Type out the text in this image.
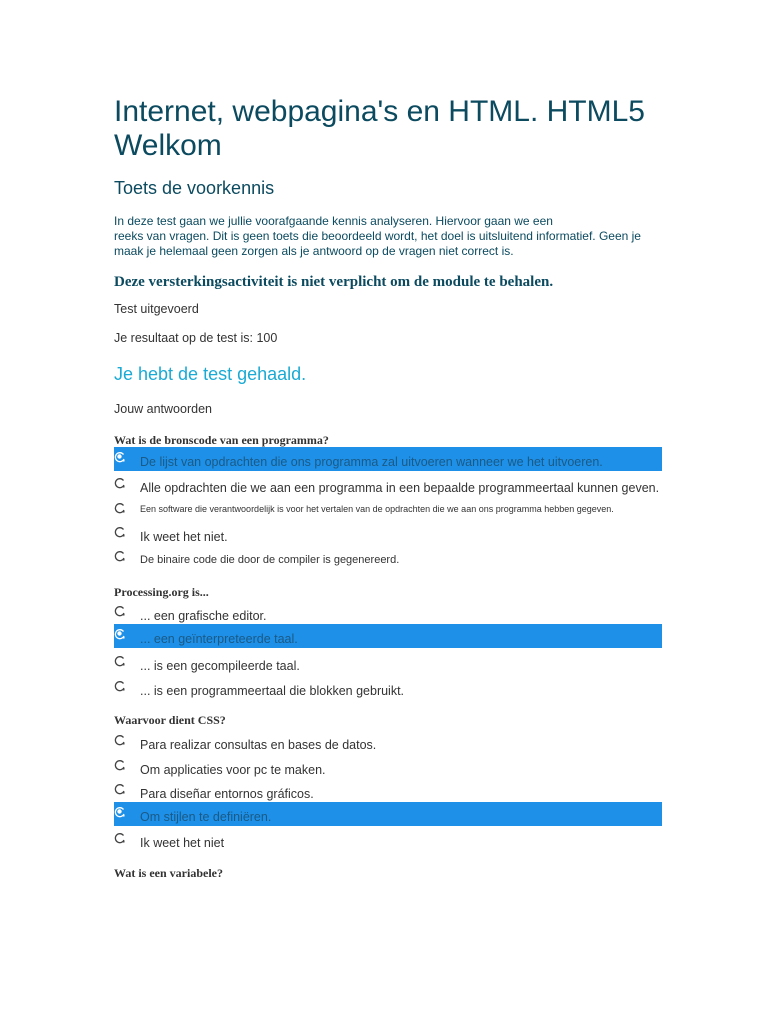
Internet, webpagina's en HTML. HTML5
Welkom
Toets de voorkennis

In deze test gaan we jullie voorafgaande kennis analyseren. Hiervoor gaan we een
reeks van vragen. Dit is geen toets die beoordeeld wordt, het doel is uitsluitend informatief. Geen je
maak je helemaal geen zorgen als je antwoord op de vragen niet correct is.

Deze versterkingsactiviteit is niet verplicht om de module te behalen.

Test uitgevoerd

Je resultaat op de test is: 100

Je hebt de test gehaald.

Jouw antwoorden

Wat is de bronscode van een programma?

De lijst van opdrachten die ons programma zal uitvoeren wanneer we het uitvoeren.
Alle opdrachten die we aan een programma in een bepaalde programmeertaal kunnen geven.
Een software die verantwoordelijk is voor het vertalen van de opdrachten die we aan ons programma hebben gegeven.
Ik weet het niet.
De binaire code die door de compiler is gegenereerd.

Processing.org is...

... een grafische editor.
... een geïnterpreteerde taal.
... is een gecompileerde taal.
... is een programmeertaal die blokken gebruikt.

Waarvoor dient CSS?

Para realizar consultas en bases de datos.
Om applicaties voor pc te maken.
Para diseñar entornos gráficos.
Om stijlen te definiëren.
Ik weet het niet

Wat is een variabele?
